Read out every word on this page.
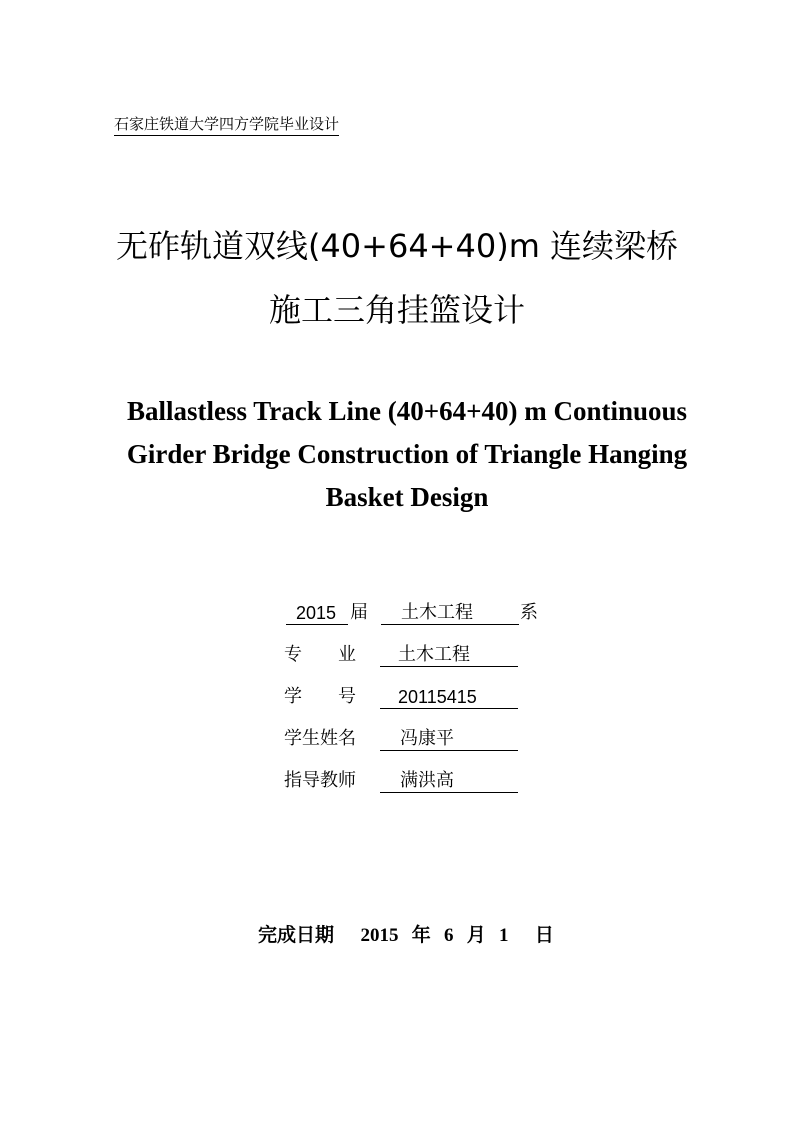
石家庄铁道大学四方学院毕业设计
无砟轨道双线(40+64+40)m 连续梁桥
施工三角挂篮设计
Ballastless Track Line (40+64+40) m Continuous
Girder Bridge Construction of Triangle Hanging
Basket Design
2015 届 土木工程	系
专　　业 土木工程
学　　号 20115415
学生姓名 冯康平
指导教师 满洪高
完成日期 2015 年 6 月 1 日
